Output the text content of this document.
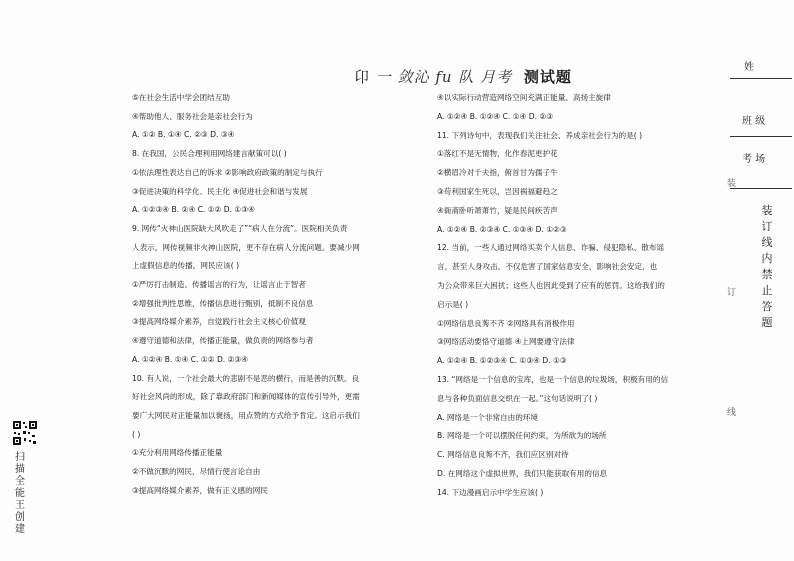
卬 一 敛沁 fu 队 月考 测试题
⑤在社会生活中学会团结互助
④帮助他人、服务社会是亲社会行为
A. ①② B. ①④ C. ②③ D. ③④
8. 在我国，公民合理利用网络建言献策可以( )
①依法理性表达自己的诉求 ②影响政府政策的制定与执行
③促进决策的科学化、民主化 ④促进社会和谐与发展
A. ①②③④ B. ②④ C. ①② D. ①③④
9. 网传“火神山医院缺大风吹走了”“病人在分流”。医院相关负责
人表示，网传视频非火神山医院，更不存在病人分流问题。要减少网
上虚假信息的传播，网民应该( )
①严厉打击制造、传播谣言的行为，让谣言止于智者
②增强批判性思维，传播信息进行甄别，抵制不良信息
③提高网络媒介素养，自觉践行社会主义核心价值观
④遵守道德和法律，传播正能量，做负责的网络参与者
A. ①②④ B. ①④ C. ①② D. ②③④
10. 有人说，一个社会最大的悲剧不是恶的横行，而是善的沉默。良
好社会风尚的形成，除了靠政府部门和新闻媒体的宣传引导外，更需
要广大网民对正能量加以褒扬，用点赞的方式给予肯定。这启示我们
( )
①充分利用网络传播正能量
②不做沉默的网民，尽情行使言论自由
③提高网络媒介素养，做有正义感的网民
④以实际行动营造网络空间充满正能量、高扬主旋律
A. ①②④ B. ①②④ C. ①④ D. ②③
11. 下列诗句中，表现我们关注社会、养成亲社会行为的是( )
①落红不是无情物，化作春泥更护花
②横眉冷对千夫指，俯首甘为孺子牛
③苟利国家生死以，岂因祸福避趋之
④衙斋卧听萧萧竹，疑是民间疾苦声
A. ①②④ B. ②③④ C. ①③④ D. ①②③
12. 当前，一些人通过网络买卖个人信息、诈骗、侵犯隐私、散布谣
言，甚至人身攻击，不仅危害了国家信息安全，影响社会安定，也
为公众带来巨大困扰；这些人也因此受到了应有的惩罚。这给我们的
启示是( )
①网络信息良莠不齐 ②网络具有消极作用
③网络活动要恪守道德 ④上网要遵守法律
A. ①②④ B. ①②③④ C. ①③④ D. ①③
13. “网络是一个信息的宝库，也是一个信息的垃圾场，积极有用的信
息与各种负面信息交织在一起。”这句话说明了( )
A. 网络是一个非常自由的环境
B. 网络是一个可以摆脱任何约束，为所欲为的场所
C. 网络信息良莠不齐，我们应区别对待
D. 在网络这个虚拟世界，我们只能获取有用的信息
14. 下边漫画启示中学生应该( )
姓
班 级
考 场
装
订
线
内
禁
止
答
题
装
订
线
扫
描
全
能
王
创
建
